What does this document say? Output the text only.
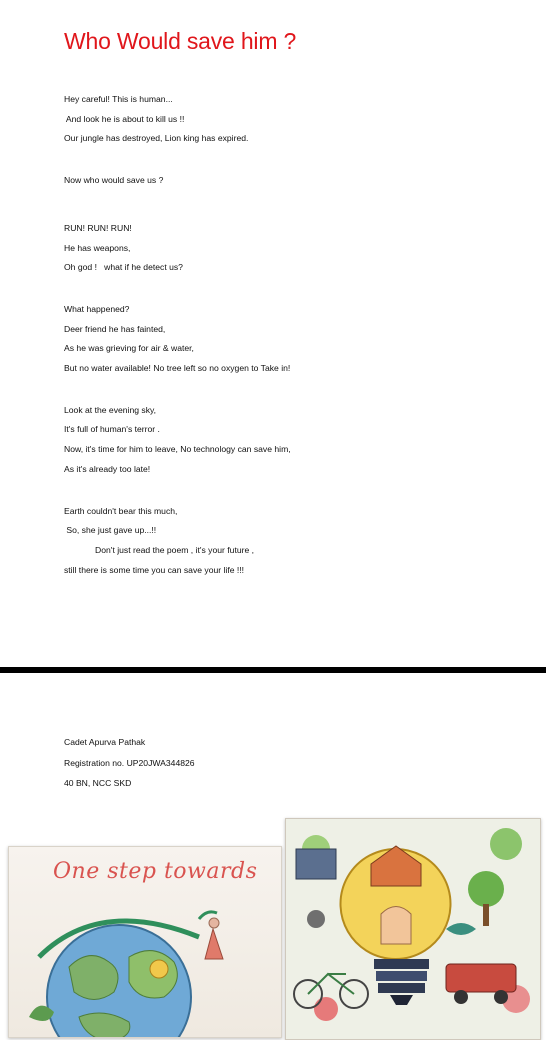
Who Would save him ?
Hey careful! This is human...
And look he is about to kill us !!
Our jungle has destroyed, Lion king has expired.
Now who would save us ?
RUN! RUN! RUN!
He has weapons,
Oh god !   what if he detect us?
What happened?
Deer friend he has fainted,
As he was grieving for air & water,
But no water available! No tree left so no oxygen to Take in!
Look at the evening sky,
It's full of human's terror .
Now, it's time for him to leave, No technology can save him,
As it's already too late!
Earth couldn't bear this much,
So, she just gave up...!!
Don't just read the poem , it's your future ,
still there is some time you can save your life !!!
Cadet Apurva Pathak
Registration no. UP20JWA344826
40 BN, NCC SKD
One step towards
